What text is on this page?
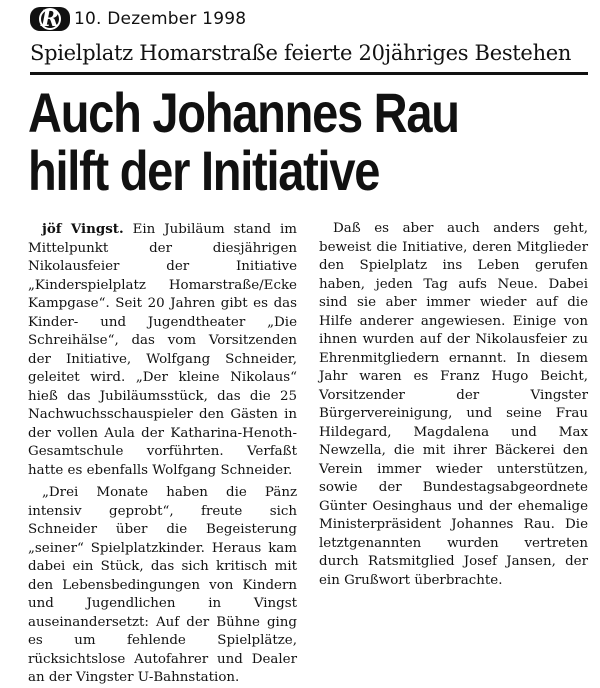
R 10. Dezember 1998
Spielplatz Homarstraße feierte 20jähriges Bestehen
Auch Johannes Rau
hilft der Initiative

jöf Vingst. Ein Jubiläum stand im Mittelpunkt der diesjährigen Nikolausfeier der Initiative „Kinderspielplatz Homarstraße/Ecke Kampgase“. Seit 20 Jahren gibt es das Kinder- und Jugendtheater „Die Schreihälse“, das vom Vorsitzenden der Initiative, Wolfgang Schneider, geleitet wird. „Der kleine Nikolaus“ hieß das Jubiläumsstück, das die 25 Nachwuchsschauspieler den Gästen in der vollen Aula der Katharina-Henoth-Gesamtschule vorführten. Verfaßt hatte es ebenfalls Wolfgang Schneider.

„Drei Monate haben die Pänz intensiv geprobt“, freute sich Schneider über die Begeisterung „seiner“ Spielplatzkinder. Heraus kam dabei ein Stück, das sich kritisch mit den Lebensbedingungen von Kindern und Jugendlichen in Vingst auseinandersetzt: Auf der Bühne ging es um fehlende Spielplätze, rücksichtslose Autofahrer und Dealer an der Vingster U-Bahnstation.

Daß es aber auch anders geht, beweist die Initiative, deren Mitglieder den Spielplatz ins Leben gerufen haben, jeden Tag aufs Neue. Dabei sind sie aber immer wieder auf die Hilfe anderer angewiesen. Einige von ihnen wurden auf der Nikolausfeier zu Ehrenmitgliedern ernannt. In diesem Jahr waren es Franz Hugo Beicht, Vorsitzender der Vingster Bürgervereinigung, und seine Frau Hildegard, Magdalena und Max Newzella, die mit ihrer Bäckerei den Verein immer wieder unterstützen, sowie der Bundestagsabgeordnete Günter Oesinghaus und der ehemalige Ministerpräsident Johannes Rau. Die letztgenannten wurden vertreten durch Ratsmitglied Josef Jansen, der ein Grußwort überbrachte.
